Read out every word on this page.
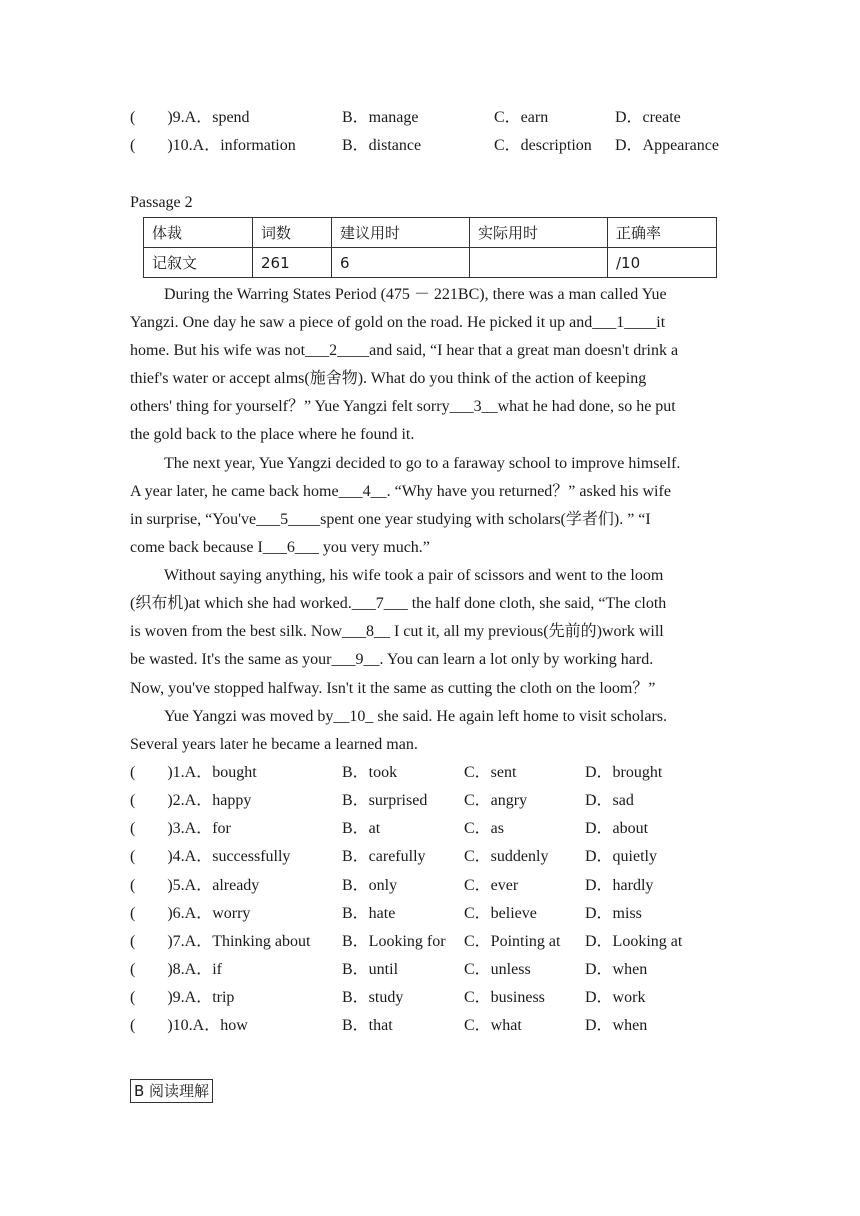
(　　)9.A．spend	B．manage	C．earn	D．create
(　　)10.A．information	B．distance	C．description D．Appearance
Passage 2
体裁	词数	建议用时	实际用时	正确率
记叙文	261	6		/10
During the Warring States Period (475 － 221BC), there was a man called Yue
Yangzi. One day he saw a piece of gold on the road. He picked it up and___1____it
home. But his wife was not___2____and said, “I hear that a great man doesn't drink a
thief's water or accept alms(施舍物). What do you think of the action of keeping
others' thing for yourself？” Yue Yangzi felt sorry___3__what he had done, so he put
the gold back to the place where he found it.
The next year, Yue Yangzi decided to go to a faraway school to improve himself.
A year later, he came back home___4__. “Why have you returned？” asked his wife
in surprise, “You've___5____spent one year studying with scholars(学者们). ” “I
come back because I___6___ you very much.”
Without saying anything, his wife took a pair of scissors and went to the loom
(织布机)at which she had worked.___7___ the half done cloth, she said, “The cloth
is woven from the best silk. Now___8__ I cut it, all my previous(先前的)work will
be wasted. It's the same as your___9__. You can learn a lot only by working hard.
Now, you've stopped halfway. Isn't it the same as cutting the cloth on the loom？”
Yue Yangzi was moved by__10_ she said. He again left home to visit scholars.
Several years later he became a learned man.
(　　)1.A．bought	B．took	C．sent	D．brought
(　　)2.A．happy	B．surprised C．angry	D．sad
(　　)3.A．for	B．at	C．as	D．about
(　　)4.A．successfully	B．carefully C．suddenly D．quietly
(　　)5.A．already	B．only	C．ever	D．hardly
(　　)6.A．worry	B．hate	C．believe	D．miss
(　　)7.A．Thinking about B．Looking for C．Pointing at D．Looking at
(　　)8.A．if	B．until	C．unless	D．when
(　　)9.A．trip	B．study	C．business	D．work
(　　)10.A．how	B．that	C．what	D．when
B 阅读理解
